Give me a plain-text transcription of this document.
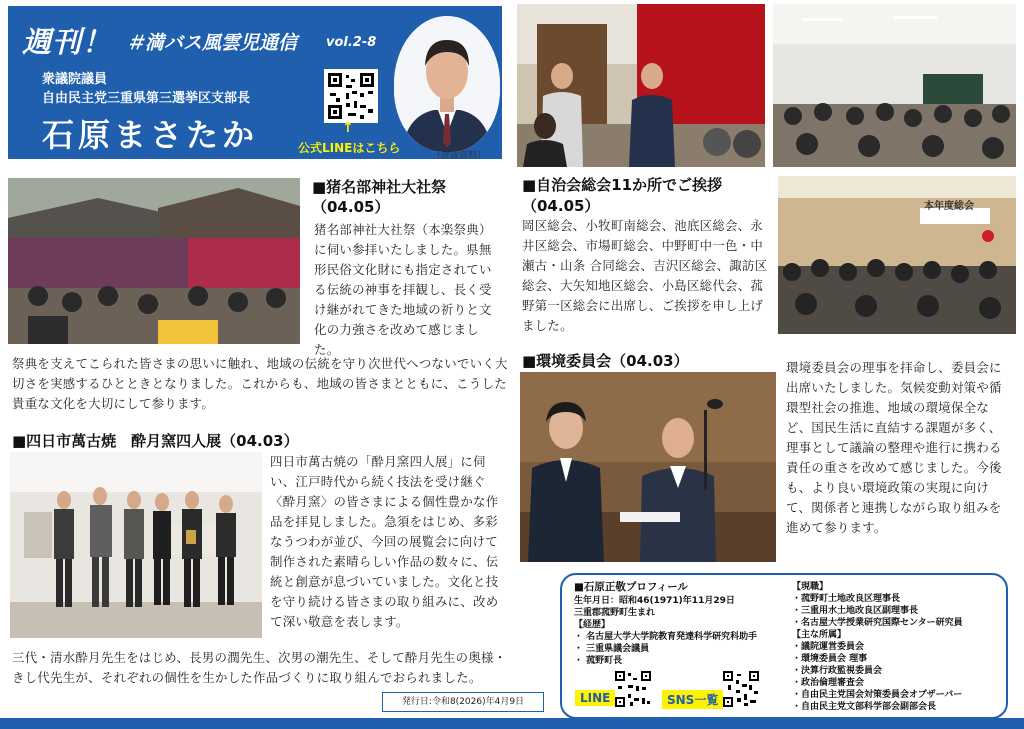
週刊！ ＃満バス風雲児通信 vol.2-8
衆議院議員
自由民主党三重県第三選挙区支部長
石原まさたか	↑
公式LINEはこちら
（討議資料）
■猪名部神社大社祭
（04.05）
猪名部神社大社祭（本楽祭典）に伺い参拝いたしました。県無形民俗文化財にも指定されている伝統の神事を拝観し、長く受け継がれてきた地域の祈りと文化の力強さを改めて感じました。
祭典を支えてこられた皆さまの思いに触れ、地域の伝統を守り次世代へつないでいく大切さを実感するひとときとなりました。これからも、地域の皆さまとともに、こうした貴重な文化を大切にして参ります。
■四日市萬古焼　酔月窯四人展（04.03）
四日市萬古焼の「酔月窯四人展」に伺い、江戸時代から続く技法を受け継ぐ〈酔月窯〉の皆さまによる個性豊かな作品を拝見しました。急須をはじめ、多彩なうつわが並び、今回の展覧会に向けて制作された素晴らしい作品の数々に、伝統と創意が息づいていました。文化と技を守り続ける皆さまの取り組みに、改めて深い敬意を表します。
三代・清水酔月先生をはじめ、長男の潤先生、次男の潮先生、そして酔月先生の奥様・きし代先生が、それぞれの個性を生かした作品づくりに取り組んでおられました。
■自治会総会11か所でご挨拶
（04.05）
岡区総会、小牧町南総会、池底区総会、永井区総会、市場町総会、中野町中一色・中瀬古・山条 合同総会、吉沢区総会、諏訪区総会、大矢知地区総会、小島区総代会、菰野第一区総会に出席し、ご挨拶を申し上げました。
本年度総会
■環境委員会（04.03）	環境委員会の理事を拝命し、委員会に出席いたしました。気候変動対策や循環型社会の推進、地域の環境保全など、国民生活に直結する課題が多く、理事として議論の整理や進行に携わる責任の重さを改めて感じました。今後も、より良い環境政策の実現に向けて、関係者と連携しながら取り組みを進めて参ります。
■石原正敬プロフィール
生年月日：昭和46(1971)年11月29日
三重郡菰野町生まれ
【経歴】
・ 名古屋大学大学院教育発達科学研究科助手
・ 三重県議会議員
・ 菰野町長
【現職】
・菰野町土地改良区理事長
・三重用水土地改良区副理事長
・名古屋大学授業研究国際センター研究員
【主な所属】
・議院運営委員会
・環境委員会 理事
・決算行政監視委員会
・政治倫理審査会
・自由民主党国会対策委員会オブザーバー
・自由民主党文部科学部会副部会長
LINE	SNS一覧
発行日:令和8(2026)年4月9日
